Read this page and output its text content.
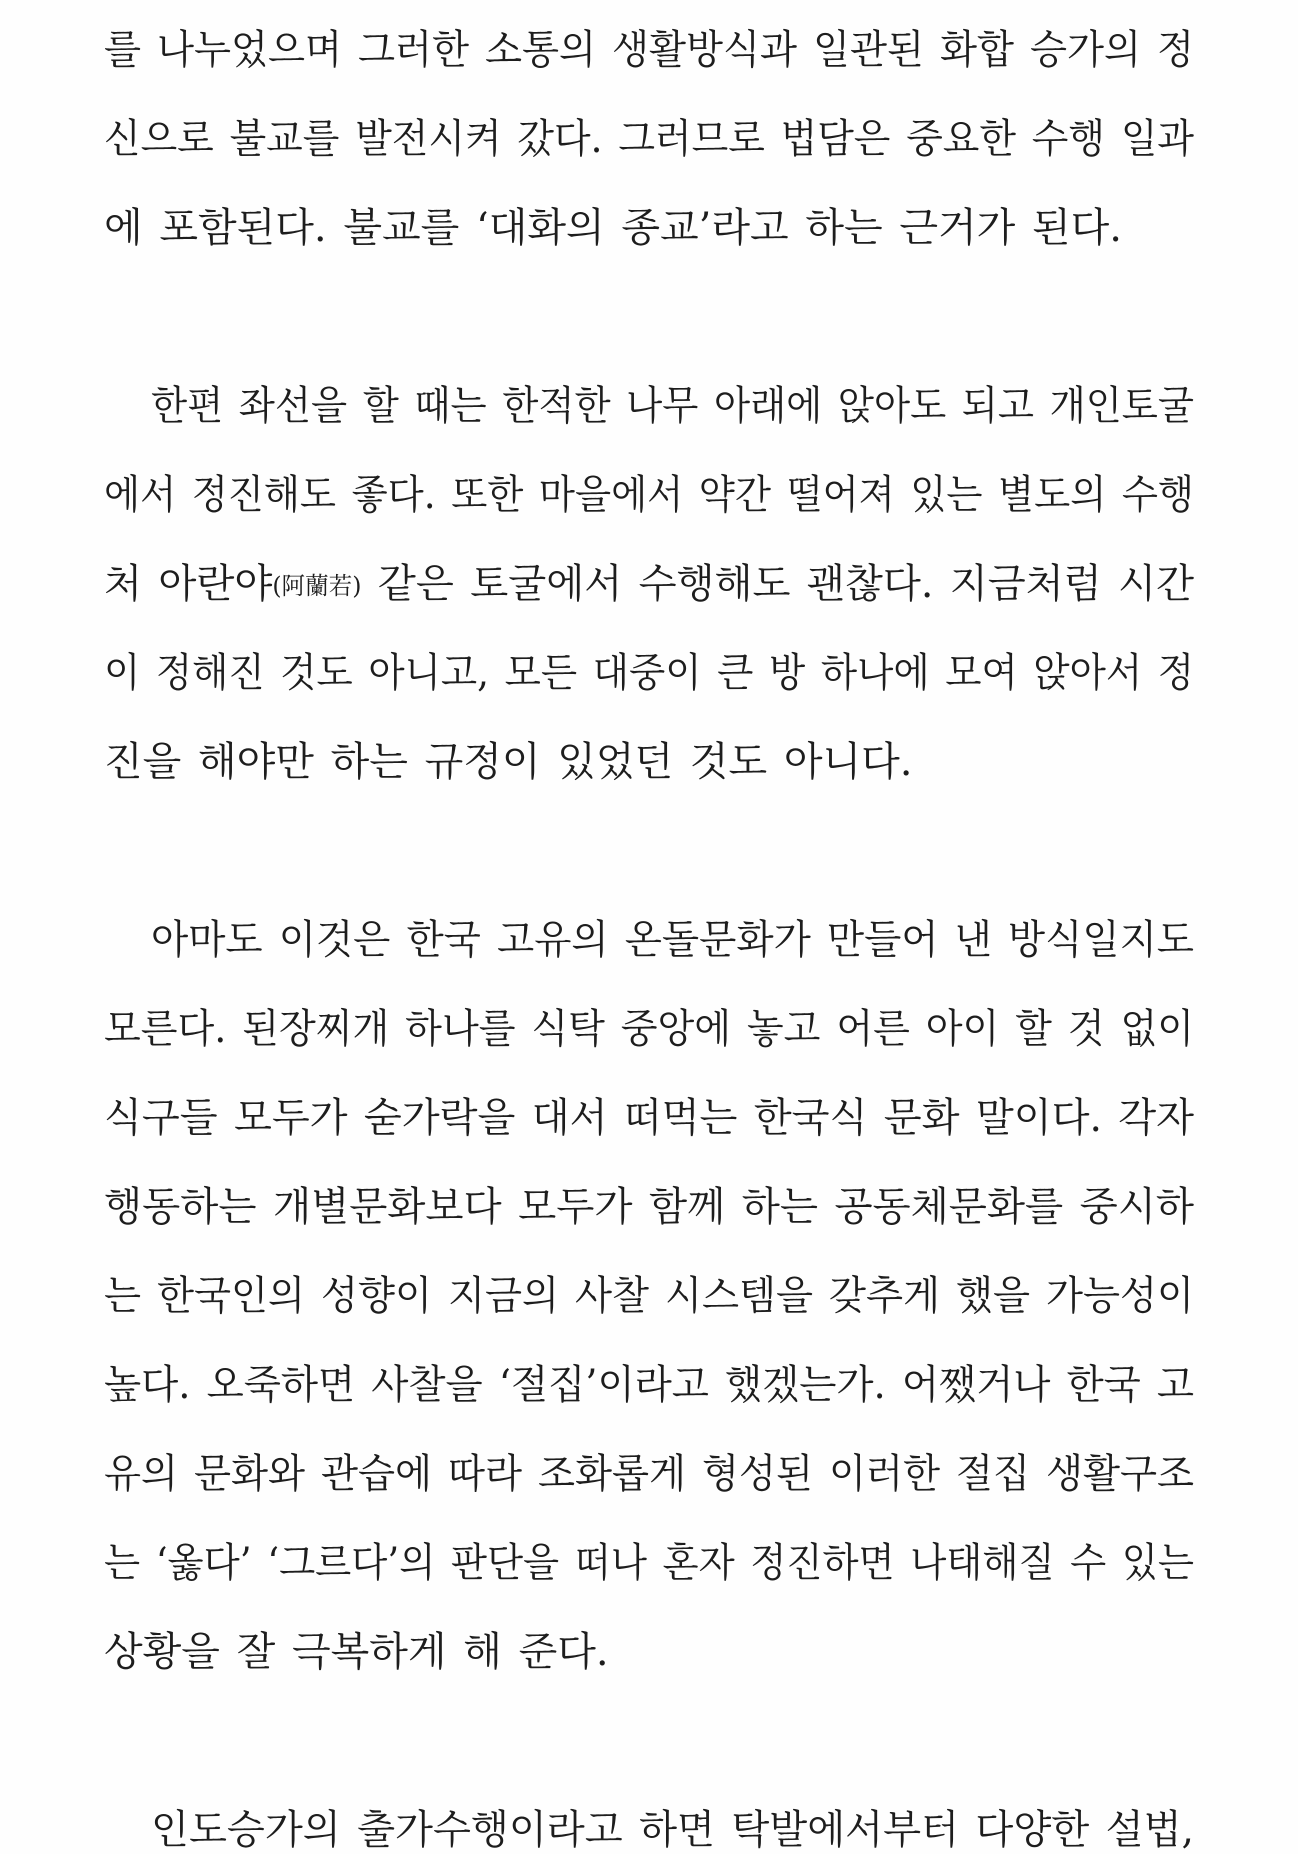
를 나누었으며 그러한 소통의 생활방식과 일관된 화합 승가의 정
신으로 불교를 발전시켜 갔다. 그러므로 법담은 중요한 수행 일과
에 포함된다. 불교를 ‘대화의 종교’라고 하는 근거가 된다.
한편 좌선을 할 때는 한적한 나무 아래에 앉아도 되고 개인토굴
에서 정진해도 좋다. 또한 마을에서 약간 떨어져 있는 별도의 수행
처 아란야(阿蘭若) 같은 토굴에서 수행해도 괜찮다. 지금처럼 시간
이 정해진 것도 아니고, 모든 대중이 큰 방 하나에 모여 앉아서 정
진을 해야만 하는 규정이 있었던 것도 아니다.
아마도 이것은 한국 고유의 온돌문화가 만들어 낸 방식일지도
모른다. 된장찌개 하나를 식탁 중앙에 놓고 어른 아이 할 것 없이
식구들 모두가 숟가락을 대서 떠먹는 한국식 문화 말이다. 각자
행동하는 개별문화보다 모두가 함께 하는 공동체문화를 중시하
는 한국인의 성향이 지금의 사찰 시스템을 갖추게 했을 가능성이
높다. 오죽하면 사찰을 ‘절집’이라고 했겠는가. 어쨌거나 한국 고
유의 문화와 관습에 따라 조화롭게 형성된 이러한 절집 생활구조
는 ‘옳다’ ‘그르다’의 판단을 떠나 혼자 정진하면 나태해질 수 있는
상황을 잘 극복하게 해 준다.
인도승가의 출가수행이라고 하면 탁발에서부터 다양한 설법,
